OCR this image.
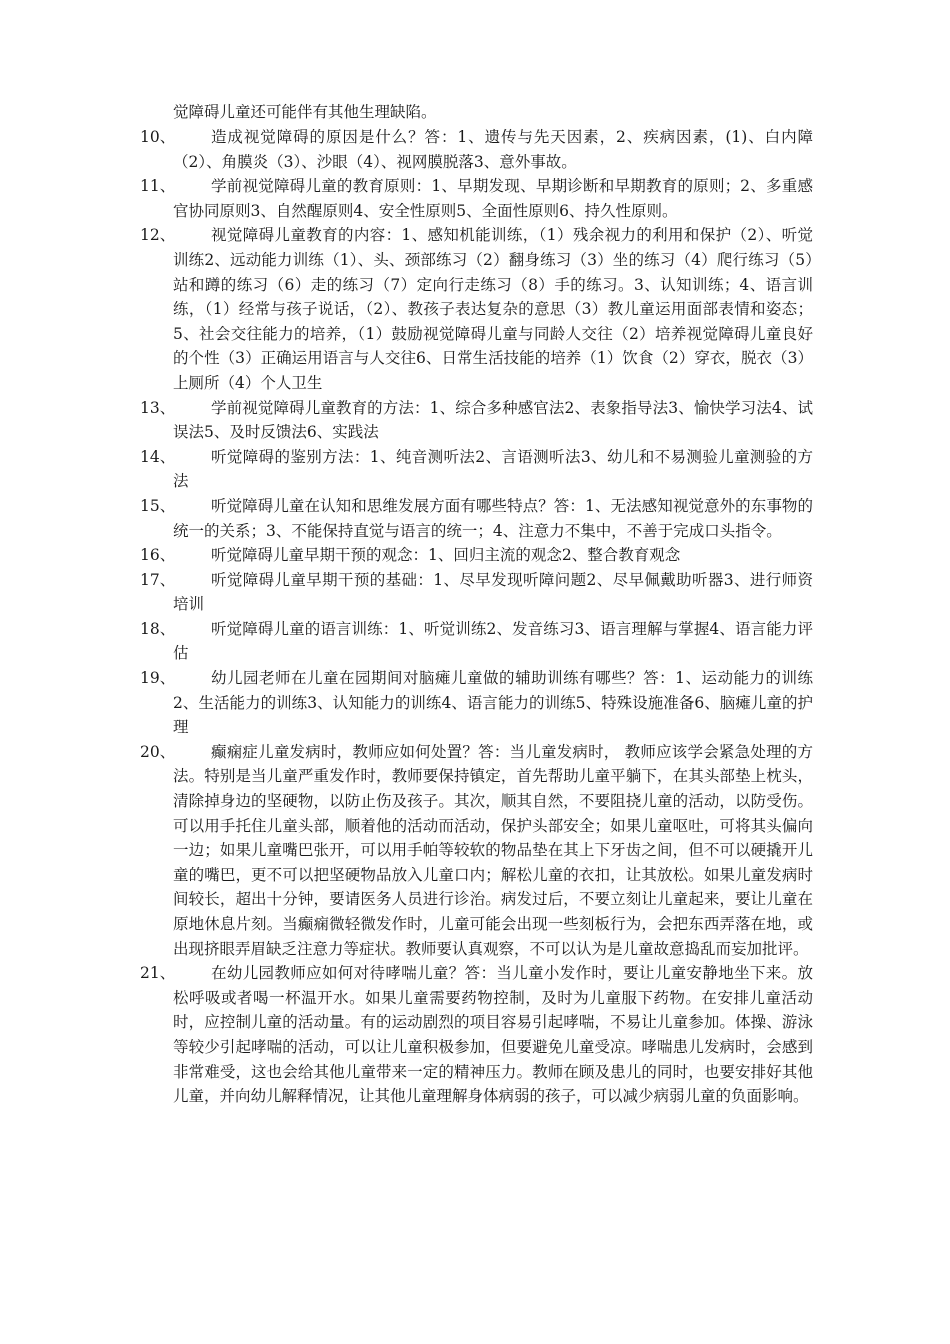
觉障碍儿童还可能伴有其他生理缺陷。
10、	造成视觉障碍的原因是什么？答：1、遗传与先天因素，2、疾病因素，(1)、白内障（2）、角膜炎（3）、沙眼（4）、视网膜脱落3、意外事故。
11、	学前视觉障碍儿童的教育原则：1、早期发现、早期诊断和早期教育的原则；2、多重感官协同原则3、自然醒原则4、安全性原则5、全面性原则6、持久性原则。
12、	视觉障碍儿童教育的内容：1、感知机能训练，（1）残余视力的利用和保护（2）、听觉训练2、远动能力训练（1）、头、颈部练习（2）翻身练习（3）坐的练习（4）爬行练习（5）站和蹲的练习（6）走的练习（7）定向行走练习（8）手的练习。3、认知训练；4、语言训练，（1）经常与孩子说话，（2）、教孩子表达复杂的意思（3）教儿童运用面部表情和姿态；5、社会交往能力的培养，（1）鼓励视觉障碍儿童与同龄人交往（2）培养视觉障碍儿童良好的个性（3）正确运用语言与人交往6、日常生活技能的培养（1）饮食（2）穿衣，脱衣（3）上厕所（4）个人卫生
13、	学前视觉障碍儿童教育的方法：1、综合多种感官法2、表象指导法3、愉快学习法4、试误法5、及时反馈法6、实践法
14、	听觉障碍的鉴别方法：1、纯音测听法2、言语测听法3、幼儿和不易测验儿童测验的方法
15、	听觉障碍儿童在认知和思维发展方面有哪些特点？答：1、无法感知视觉意外的东事物的统一的关系；3、不能保持直觉与语言的统一；4、注意力不集中，不善于完成口头指令。
16、	听觉障碍儿童早期干预的观念：1、回归主流的观念2、整合教育观念
17、	听觉障碍儿童早期干预的基础：1、尽早发现听障问题2、尽早佩戴助听器3、进行师资培训
18、	听觉障碍儿童的语言训练：1、听觉训练2、发音练习3、语言理解与掌握4、语言能力评估
19、	幼儿园老师在儿童在园期间对脑瘫儿童做的辅助训练有哪些？答：1、运动能力的训练2、生活能力的训练3、认知能力的训练4、语言能力的训练5、特殊设施准备6、脑瘫儿童的护理
20、	癫痫症儿童发病时，教师应如何处置？答：当儿童发病时， 教师应该学会紧急处理的方法。特别是当儿童严重发作时，教师要保持镇定，首先帮助儿童平躺下，在其头部垫上枕头，清除掉身边的坚硬物，以防止伤及孩子。其次，顺其自然，不要阻挠儿童的活动，以防受伤。可以用手托住儿童头部，顺着他的活动而活动，保护头部安全；如果儿童呕吐，可将其头偏向一边；如果儿童嘴巴张开，可以用手帕等较软的物品垫在其上下牙齿之间，但不可以硬撬开儿童的嘴巴，更不可以把坚硬物品放入儿童口内；解松儿童的衣扣，让其放松。如果儿童发病时间较长，超出十分钟，要请医务人员进行诊治。病发过后，不要立刻让儿童起来，要让儿童在原地休息片刻。当癫痫微轻微发作时，儿童可能会出现一些刻板行为，会把东西弄落在地，或出现挤眼弄眉缺乏注意力等症状。教师要认真观察，不可以认为是儿童故意捣乱而妄加批评。
21、	在幼儿园教师应如何对待哮喘儿童？答：当儿童小发作时，要让儿童安静地坐下来。放松呼吸或者喝一杯温开水。如果儿童需要药物控制，及时为儿童服下药物。在安排儿童活动时，应控制儿童的活动量。有的运动剧烈的项目容易引起哮喘，不易让儿童参加。体操、游泳等较少引起哮喘的活动，可以让儿童积极参加，但要避免儿童受凉。哮喘患儿发病时，会感到非常难受，这也会给其他儿童带来一定的精神压力。教师在顾及患儿的同时，也要安排好其他儿童，并向幼儿解释情况，让其他儿童理解身体病弱的孩子，可以减少病弱儿童的负面影响。
